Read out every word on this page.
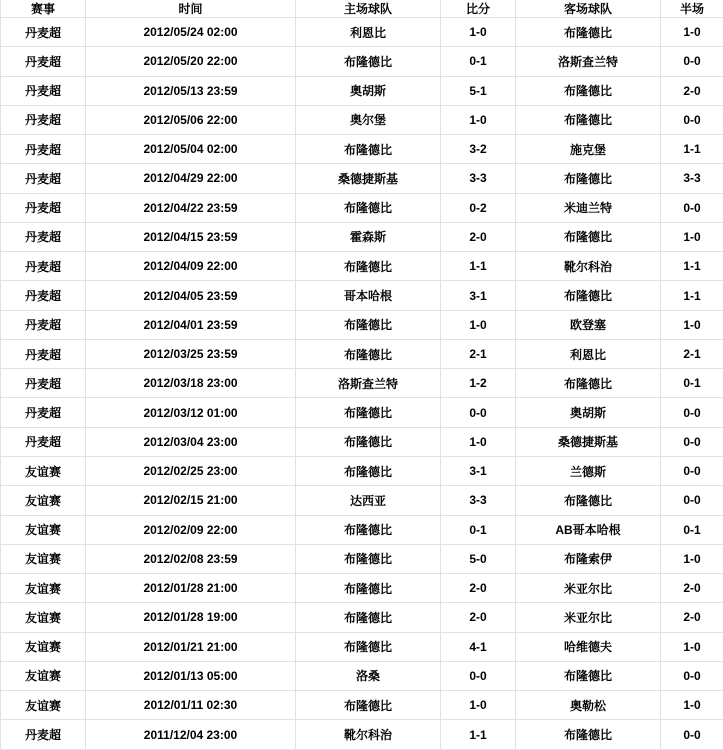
赛事	时间	主场球队	比分	客场球队	半场
丹麦超	2012/05/24 02:00	利恩比	1-0	布隆德比	1-0
丹麦超	2012/05/20 22:00	布隆德比	0-1	洛斯查兰特	0-0
丹麦超	2012/05/13 23:59	奥胡斯	5-1	布隆德比	2-0
丹麦超	2012/05/06 22:00	奥尔堡	1-0	布隆德比	0-0
丹麦超	2012/05/04 02:00	布隆德比	3-2	施克堡	1-1
丹麦超	2012/04/29 22:00	桑德捷斯基	3-3	布隆德比	3-3
丹麦超	2012/04/22 23:59	布隆德比	0-2	米迪兰特	0-0
丹麦超	2012/04/15 23:59	霍森斯	2-0	布隆德比	1-0
丹麦超	2012/04/09 22:00	布隆德比	1-1	靴尔科治	1-1
丹麦超	2012/04/05 23:59	哥本哈根	3-1	布隆德比	1-1
丹麦超	2012/04/01 23:59	布隆德比	1-0	欧登塞	1-0
丹麦超	2012/03/25 23:59	布隆德比	2-1	利恩比	2-1
丹麦超	2012/03/18 23:00	洛斯查兰特	1-2	布隆德比	0-1
丹麦超	2012/03/12 01:00	布隆德比	0-0	奥胡斯	0-0
丹麦超	2012/03/04 23:00	布隆德比	1-0	桑德捷斯基	0-0
友谊赛	2012/02/25 23:00	布隆德比	3-1	兰德斯	0-0
友谊赛	2012/02/15 21:00	达西亚	3-3	布隆德比	0-0
友谊赛	2012/02/09 22:00	布隆德比	0-1	AB哥本哈根	0-1
友谊赛	2012/02/08 23:59	布隆德比	5-0	布隆索伊	1-0
友谊赛	2012/01/28 21:00	布隆德比	2-0	米亚尔比	2-0
友谊赛	2012/01/28 19:00	布隆德比	2-0	米亚尔比	2-0
友谊赛	2012/01/21 21:00	布隆德比	4-1	哈维德夫	1-0
友谊赛	2012/01/13 05:00	洛桑	0-0	布隆德比	0-0
友谊赛	2012/01/11 02:30	布隆德比	1-0	奥勒松	1-0
丹麦超	2011/12/04 23:00	靴尔科治	1-1	布隆德比	0-0
